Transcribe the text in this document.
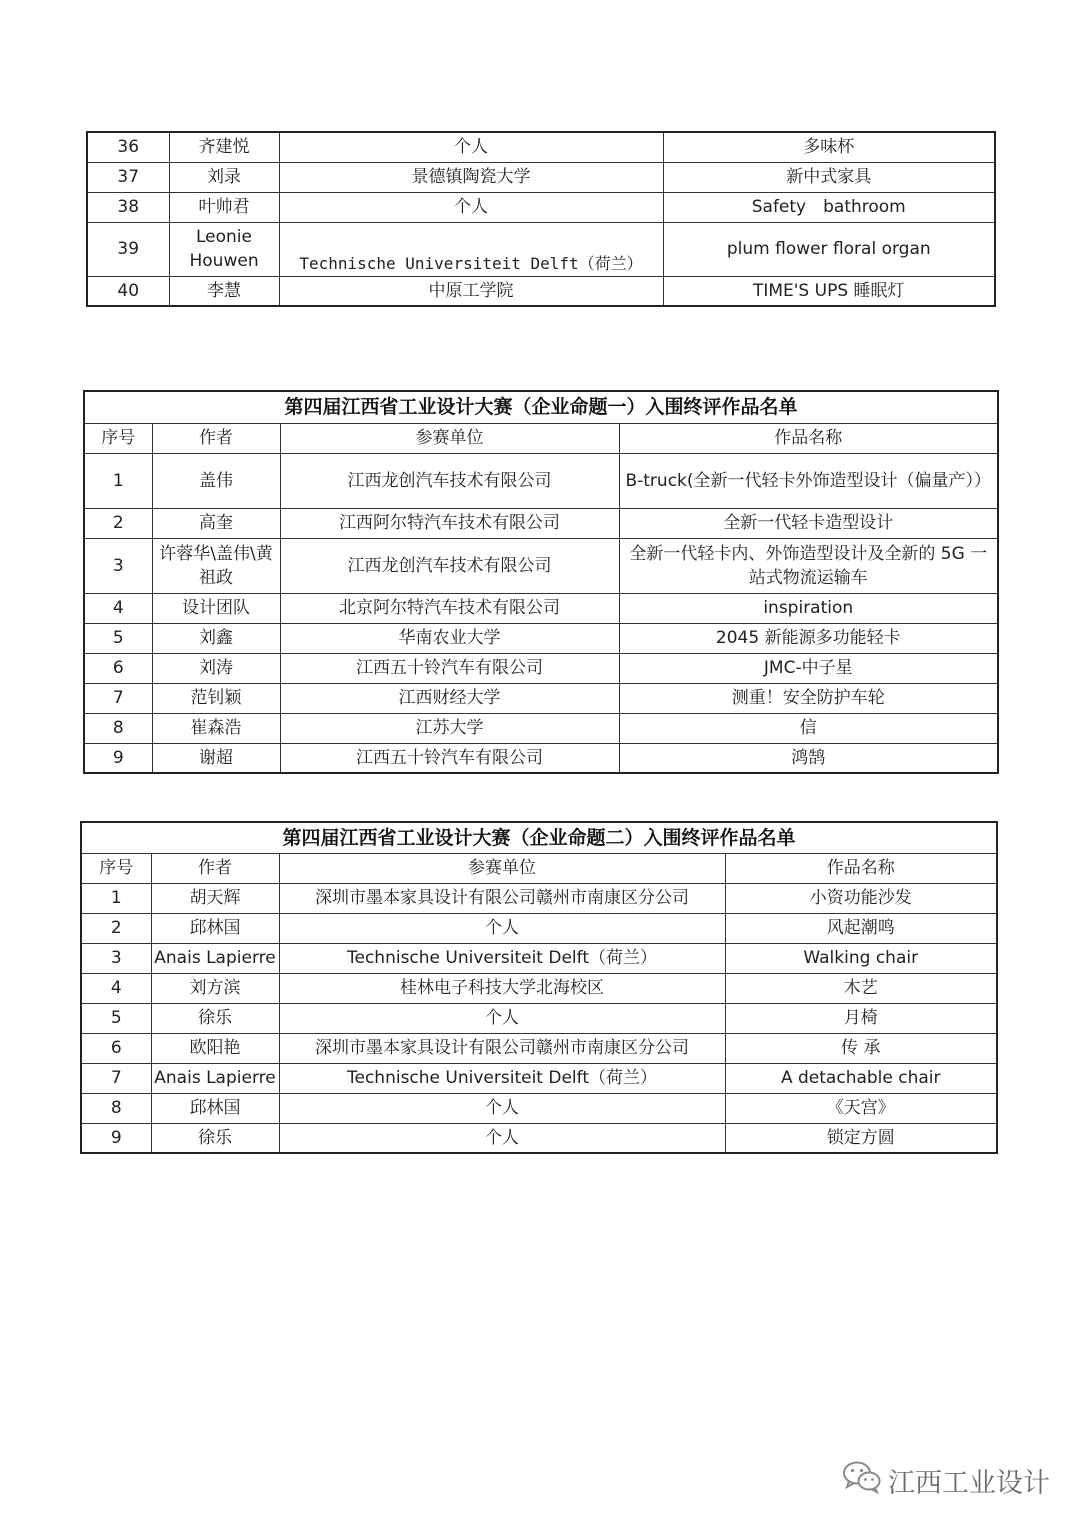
36	齐建悦	个人	多味杯
37	刘录	景德镇陶瓷大学	新中式家具
38	叶帅君	个人	Safety　bathroom
39	Leonie Houwen	Technische Universiteit Delft（荷兰）	plum flower floral organ
40	李慧	中原工学院	TIME'S UPS 睡眠灯
第四届江西省工业设计大赛（企业命题一）入围终评作品名单			
序号	作者	参赛单位	作品名称
1	盖伟	江西龙创汽车技术有限公司	B-truck(全新一代轻卡外饰造型设计（偏量产））
2	高奎	江西阿尔特汽车技术有限公司	全新一代轻卡造型设计
3	许蓉华\盖伟\黄祖政	江西龙创汽车技术有限公司	全新一代轻卡内、外饰造型设计及全新的 5G 一站式物流运输车
4	设计团队	北京阿尔特汽车技术有限公司	inspiration
5	刘鑫	华南农业大学	2045 新能源多功能轻卡
6	刘涛	江西五十铃汽车有限公司	JMC-中子星
7	范钊颖	江西财经大学	测重！安全防护车轮
8	崔森浩	江苏大学	信
9	谢超	江西五十铃汽车有限公司	鸿鹄
第四届江西省工业设计大赛（企业命题二）入围终评作品名单			
序号	作者	参赛单位	作品名称
1	胡天辉	深圳市墨本家具设计有限公司赣州市南康区分公司	小资功能沙发
2	邱林国	个人	风起潮鸣
3	Anais Lapierre	Technische Universiteit Delft（荷兰）	Walking chair
4	刘方滨	桂林电子科技大学北海校区	木艺
5	徐乐	个人	月椅
6	欧阳艳	深圳市墨本家具设计有限公司赣州市南康区分公司	传 承
7	Anais Lapierre	Technische Universiteit Delft（荷兰）	A detachable chair
8	邱林国	个人	《天宫》
9	徐乐	个人	锁定方圆
江西工业设计
